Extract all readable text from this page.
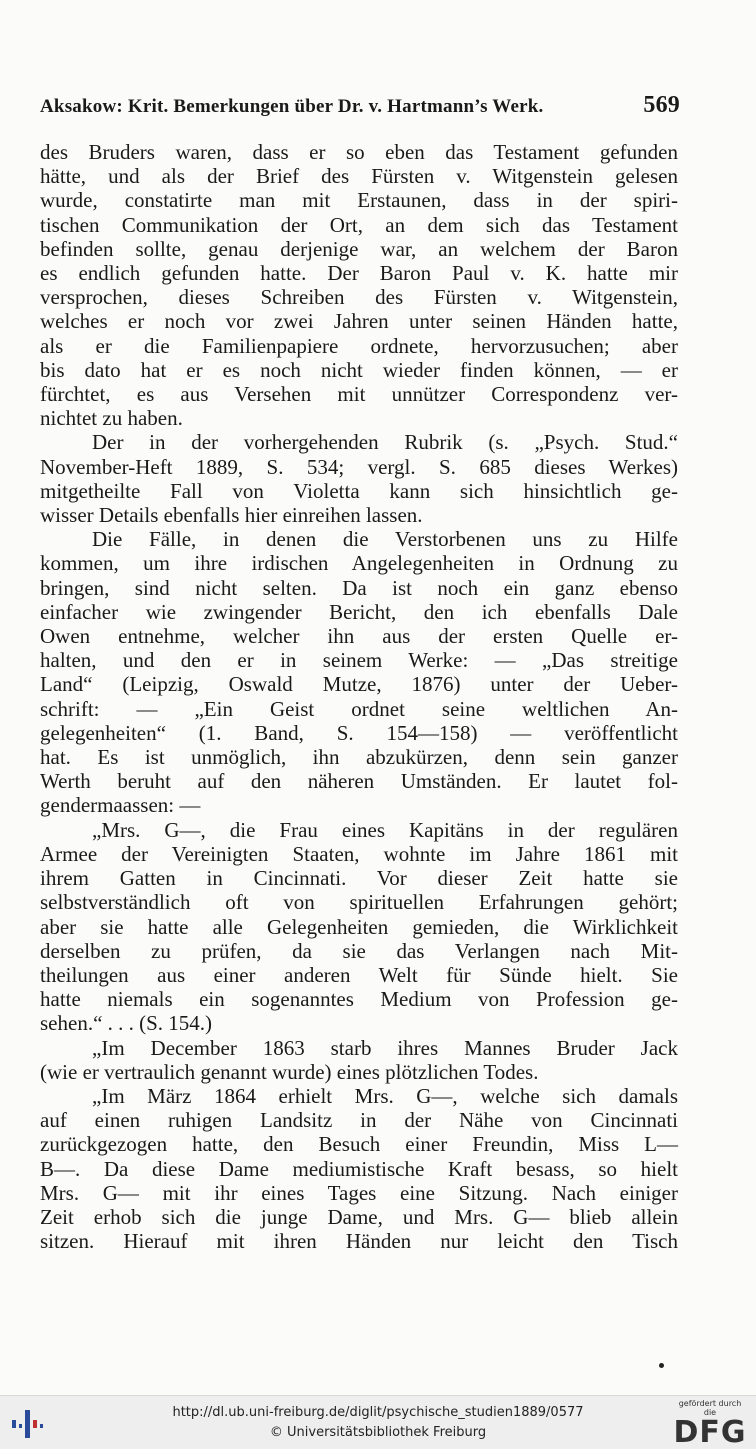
Aksakow: Krit. Bemerkungen über Dr. v. Hartmann’s Werk.	569
des Bruders waren, dass er so eben das Testament gefunden
hätte, und als der Brief des Fürsten v. Witgenstein gelesen
wurde, constatirte man mit Erstaunen, dass in der spiri-
tischen Communikation der Ort, an dem sich das Testament
befinden sollte, genau derjenige war, an welchem der Baron
es endlich gefunden hatte. Der Baron Paul v. K. hatte mir
versprochen, dieses Schreiben des Fürsten v. Witgenstein,
welches er noch vor zwei Jahren unter seinen Händen hatte,
als er die Familienpapiere ordnete, hervorzusuchen; aber
bis dato hat er es noch nicht wieder finden können, — er
fürchtet, es aus Versehen mit unnützer Correspondenz ver-
nichtet zu haben.
Der in der vorhergehenden Rubrik (s. „Psych. Stud.“
November-Heft 1889, S. 534; vergl. S. 685 dieses Werkes)
mitgetheilte Fall von Violetta kann sich hinsichtlich ge-
wisser Details ebenfalls hier einreihen lassen.
Die Fälle, in denen die Verstorbenen uns zu Hilfe
kommen, um ihre irdischen Angelegenheiten in Ordnung zu
bringen, sind nicht selten. Da ist noch ein ganz ebenso
einfacher wie zwingender Bericht, den ich ebenfalls Dale
Owen entnehme, welcher ihn aus der ersten Quelle er-
halten, und den er in seinem Werke: — „Das streitige
Land“ (Leipzig, Oswald Mutze, 1876) unter der Ueber-
schrift: — „Ein Geist ordnet seine weltlichen An-
gelegenheiten“ (1. Band, S. 154—158) — veröffentlicht
hat. Es ist unmöglich, ihn abzukürzen, denn sein ganzer
Werth beruht auf den näheren Umständen. Er lautet fol-
gendermaassen: —
„Mrs. G—, die Frau eines Kapitäns in der regulären
Armee der Vereinigten Staaten, wohnte im Jahre 1861 mit
ihrem Gatten in Cincinnati. Vor dieser Zeit hatte sie
selbstverständlich oft von spirituellen Erfahrungen gehört;
aber sie hatte alle Gelegenheiten gemieden, die Wirklichkeit
derselben zu prüfen, da sie das Verlangen nach Mit-
theilungen aus einer anderen Welt für Sünde hielt. Sie
hatte niemals ein sogenanntes Medium von Profession ge-
sehen.“ . . . (S. 154.)
„Im December 1863 starb ihres Mannes Bruder Jack
(wie er vertraulich genannt wurde) eines plötzlichen Todes.
„Im März 1864 erhielt Mrs. G—, welche sich damals
auf einen ruhigen Landsitz in der Nähe von Cincinnati
zurückgezogen hatte, den Besuch einer Freundin, Miss L—
B—. Da diese Dame mediumistische Kraft besass, so hielt
Mrs. G— mit ihr eines Tages eine Sitzung. Nach einiger
Zeit erhob sich die junge Dame, und Mrs. G— blieb allein
sitzen. Hierauf mit ihren Händen nur leicht den Tisch
http://dl.ub.uni-freiburg.de/diglit/psychische_studien1889/0577
© Universitätsbibliothek Freiburg
gefördert durch die
DFG
